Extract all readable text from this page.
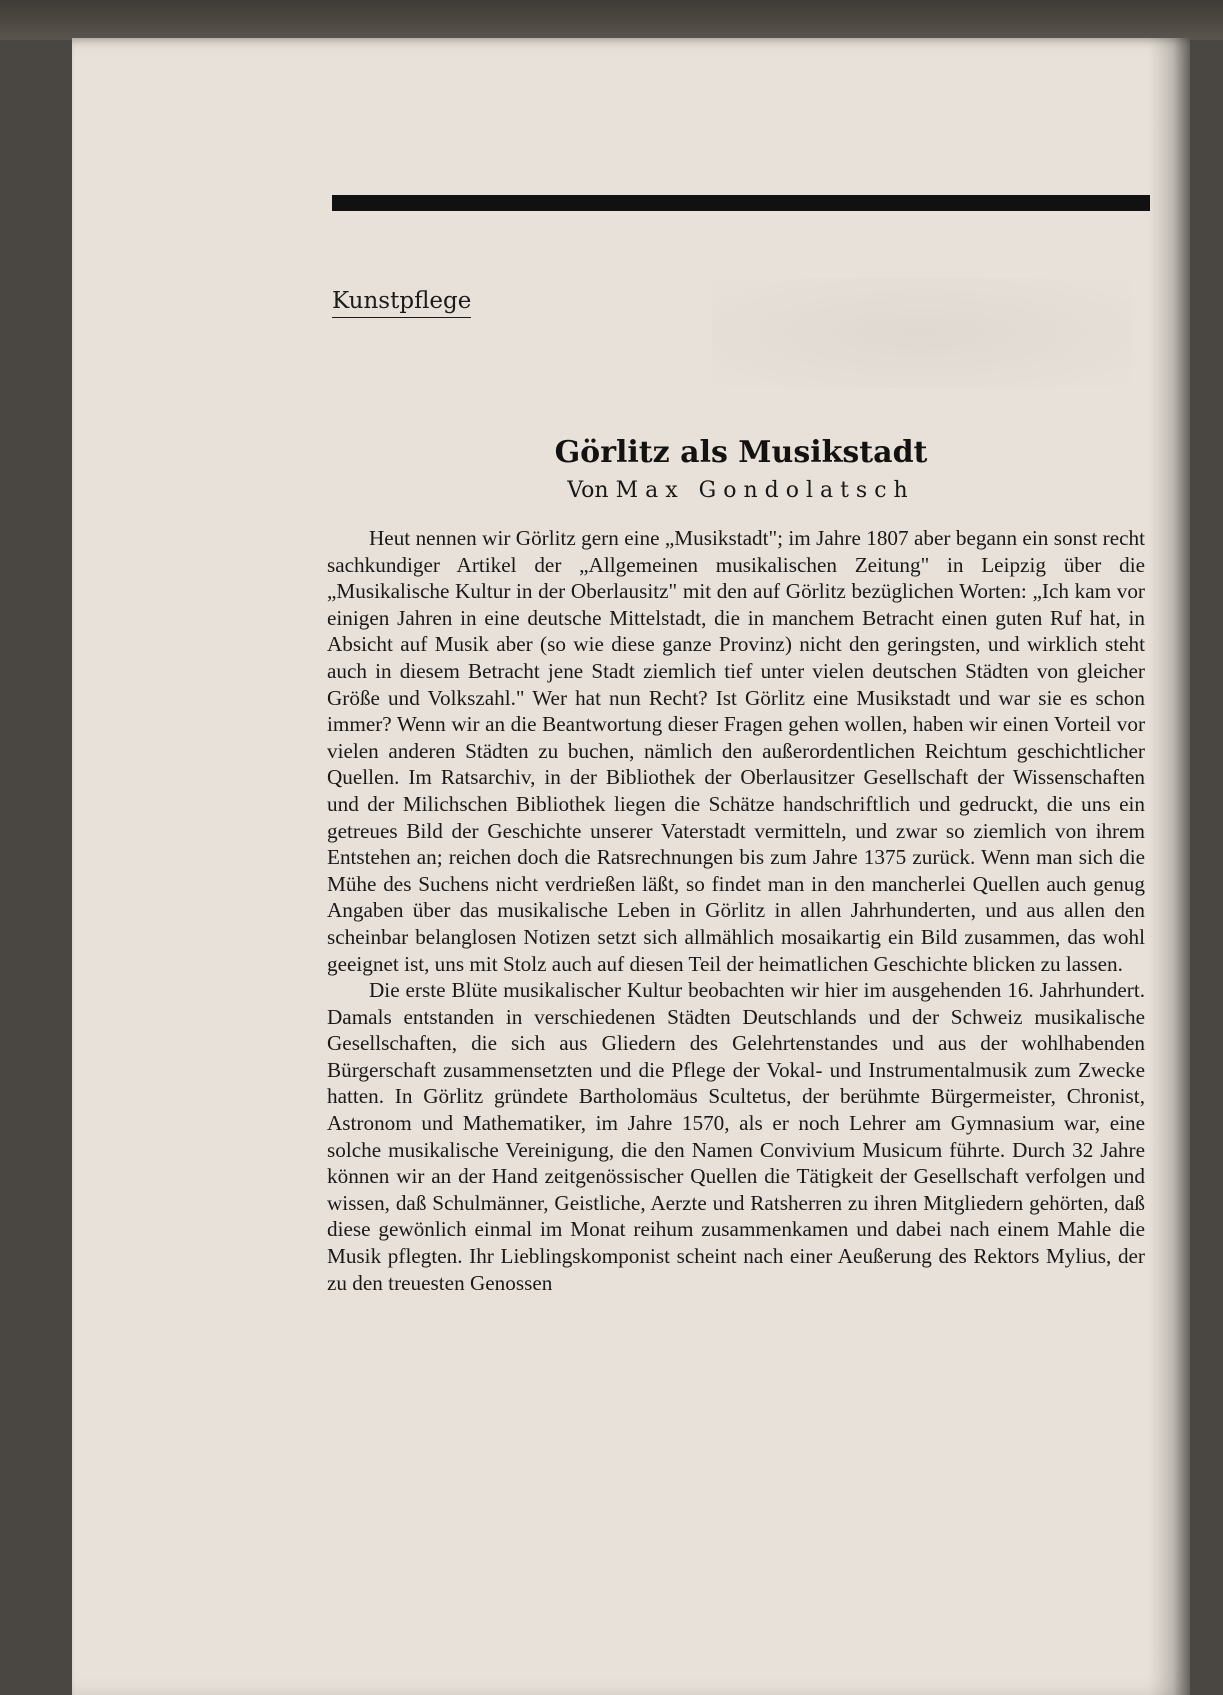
Kunstpflege
Görlitz als Musikstadt
Von Max Gondolatsch

Heut nennen wir Görlitz gern eine „Musikstadt"; im Jahre 1807 aber begann ein sonst recht sachkundiger Artikel der „Allgemeinen musikalischen Zeitung" in Leipzig über die „Musikalische Kultur in der Oberlausitz" mit den auf Görlitz bezüglichen Worten: „Ich kam vor einigen Jahren in eine deutsche Mittelstadt, die in manchem Betracht einen guten Ruf hat, in Absicht auf Musik aber (so wie diese ganze Provinz) nicht den geringsten, und wirklich steht auch in diesem Betracht jene Stadt ziemlich tief unter vielen deutschen Städten von gleicher Größe und Volkszahl." Wer hat nun Recht? Ist Görlitz eine Musikstadt und war sie es schon immer? Wenn wir an die Beantwortung dieser Fragen gehen wollen, haben wir einen Vorteil vor vielen anderen Städten zu buchen, nämlich den außerordentlichen Reichtum geschichtlicher Quellen. Im Ratsarchiv, in der Bibliothek der Oberlausitzer Gesellschaft der Wissenschaften und der Milichschen Bibliothek liegen die Schätze handschriftlich und gedruckt, die uns ein getreues Bild der Geschichte unserer Vaterstadt vermitteln, und zwar so ziemlich von ihrem Entstehen an; reichen doch die Ratsrechnungen bis zum Jahre 1375 zurück. Wenn man sich die Mühe des Suchens nicht verdrießen läßt, so findet man in den mancherlei Quellen auch genug Angaben über das musikalische Leben in Görlitz in allen Jahrhunderten, und aus allen den scheinbar belanglosen Notizen setzt sich allmählich mosaikartig ein Bild zusammen, das wohl geeignet ist, uns mit Stolz auch auf diesen Teil der heimatlichen Geschichte blicken zu lassen.

Die erste Blüte musikalischer Kultur beobachten wir hier im ausgehenden 16. Jahrhundert. Damals entstanden in verschiedenen Städten Deutschlands und der Schweiz musikalische Gesellschaften, die sich aus Gliedern des Gelehrtenstandes und aus der wohlhabenden Bürgerschaft zusammensetzten und die Pflege der Vokal- und Instrumentalmusik zum Zwecke hatten. In Görlitz gründete Bartholomäus Scultetus, der berühmte Bürgermeister, Chronist, Astronom und Mathematiker, im Jahre 1570, als er noch Lehrer am Gymnasium war, eine solche musikalische Vereinigung, die den Namen Convivium Musicum führte. Durch 32 Jahre können wir an der Hand zeitgenössischer Quellen die Tätigkeit der Gesellschaft verfolgen und wissen, daß Schulmänner, Geistliche, Aerzte und Ratsherren zu ihren Mitgliedern gehörten, daß diese gewönlich einmal im Monat reihum zusammenkamen und dabei nach einem Mahle die Musik pflegten. Ihr Lieblingskomponist scheint nach einer Aeußerung des Rektors Mylius, der zu den treuesten Genossen
